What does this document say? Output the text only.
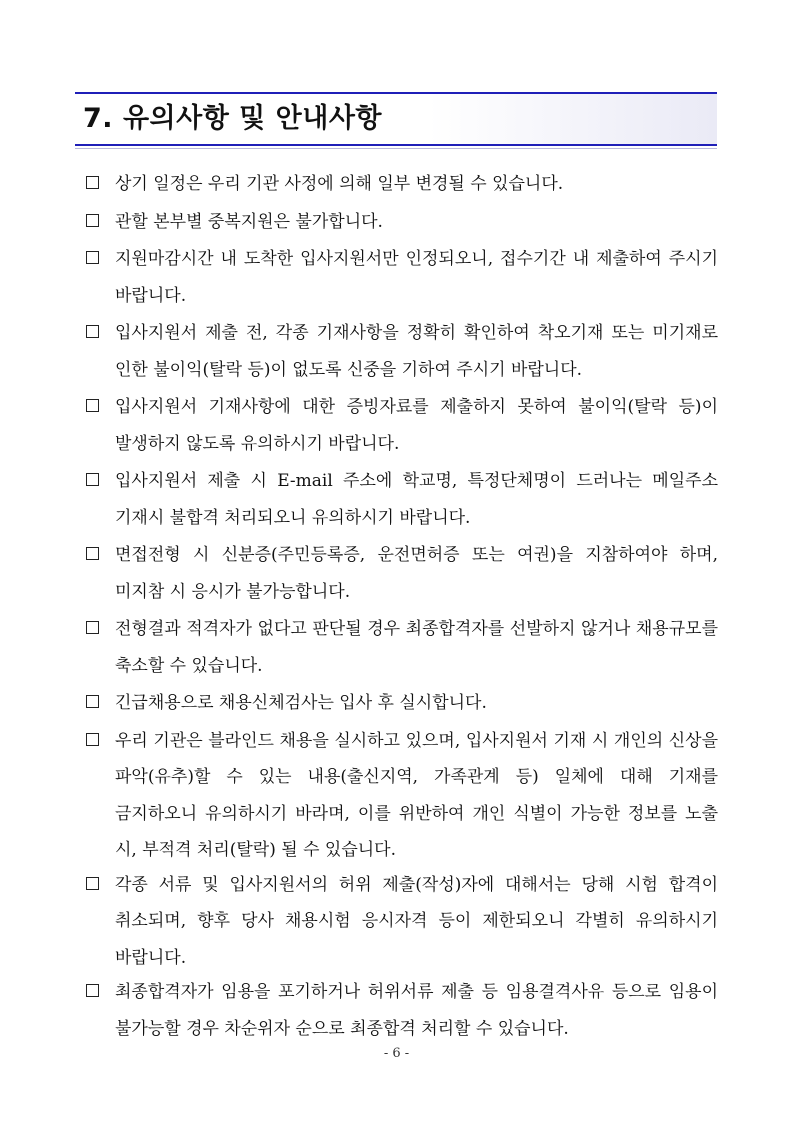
7. 유의사항 및 안내사항
상기 일정은 우리 기관 사정에 의해 일부 변경될 수 있습니다.
관할 본부별 중복지원은 불가합니다.
지원마감시간 내 도착한 입사지원서만 인정되오니, 접수기간 내 제출하여 주시기 바랍니다.
입사지원서 제출 전, 각종 기재사항을 정확히 확인하여 착오기재 또는 미기재로 인한 불이익(탈락 등)이 없도록 신중을 기하여 주시기 바랍니다.
입사지원서 기재사항에 대한 증빙자료를 제출하지 못하여 불이익(탈락 등)이 발생하지 않도록 유의하시기 바랍니다.
입사지원서 제출 시 E-mail 주소에 학교명, 특정단체명이 드러나는 메일주소 기재시 불합격 처리되오니 유의하시기 바랍니다.
면접전형 시 신분증(주민등록증, 운전면허증 또는 여권)을 지참하여야 하며, 미지참 시 응시가 불가능합니다.
전형결과 적격자가 없다고 판단될 경우 최종합격자를 선발하지 않거나 채용규모를 축소할 수 있습니다.
긴급채용으로 채용신체검사는 입사 후 실시합니다.
우리 기관은 블라인드 채용을 실시하고 있으며, 입사지원서 기재 시 개인의 신상을 파악(유추)할 수 있는 내용(출신지역, 가족관계 등) 일체에 대해 기재를 금지하오니 유의하시기 바라며, 이를 위반하여 개인 식별이 가능한 정보를 노출 시, 부적격 처리(탈락) 될 수 있습니다.
각종 서류 및 입사지원서의 허위 제출(작성)자에 대해서는 당해 시험 합격이 취소되며, 향후 당사 채용시험 응시자격 등이 제한되오니 각별히 유의하시기 바랍니다.
최종합격자가 임용을 포기하거나 허위서류 제출 등 임용결격사유 등으로 임용이 불가능할 경우 차순위자 순으로 최종합격 처리할 수 있습니다.
- 6 -
